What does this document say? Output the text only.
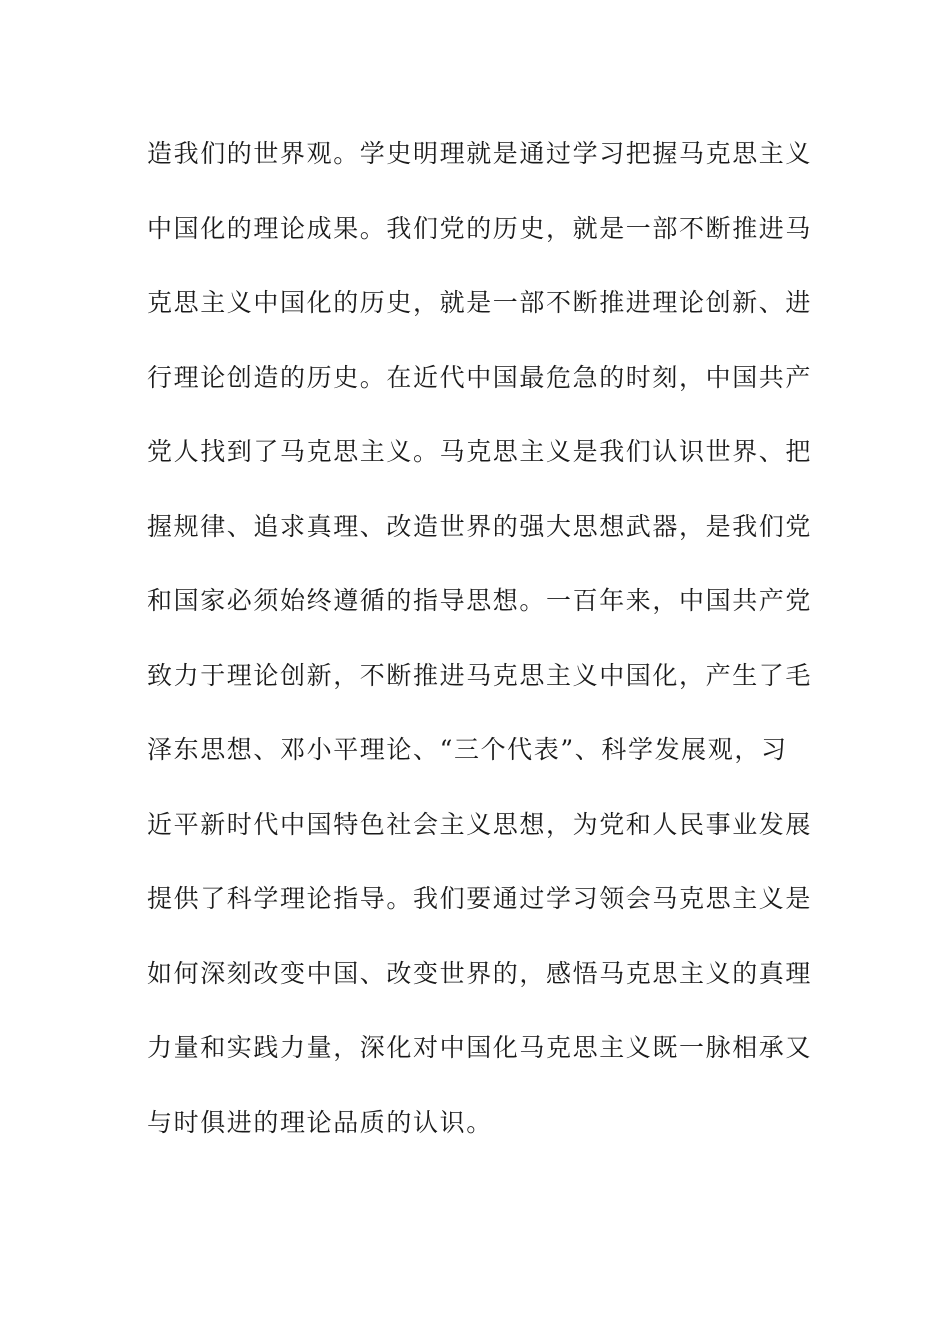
造我们的世界观。学史明理就是通过学习把握马克思主义
中国化的理论成果。我们党的历史，就是一部不断推进马
克思主义中国化的历史，就是一部不断推进理论创新、进
行理论创造的历史。在近代中国最危急的时刻，中国共产
党人找到了马克思主义。马克思主义是我们认识世界、把
握规律、追求真理、改造世界的强大思想武器，是我们党
和国家必须始终遵循的指导思想。一百年来，中国共产党
致力于理论创新，不断推进马克思主义中国化，产生了毛
泽东思想、邓小平理论、“三个代表”、科学发展观，习
近平新时代中国特色社会主义思想，为党和人民事业发展
提供了科学理论指导。我们要通过学习领会马克思主义是
如何深刻改变中国、改变世界的，感悟马克思主义的真理
力量和实践力量，深化对中国化马克思主义既一脉相承又
与时俱进的理论品质的认识。
